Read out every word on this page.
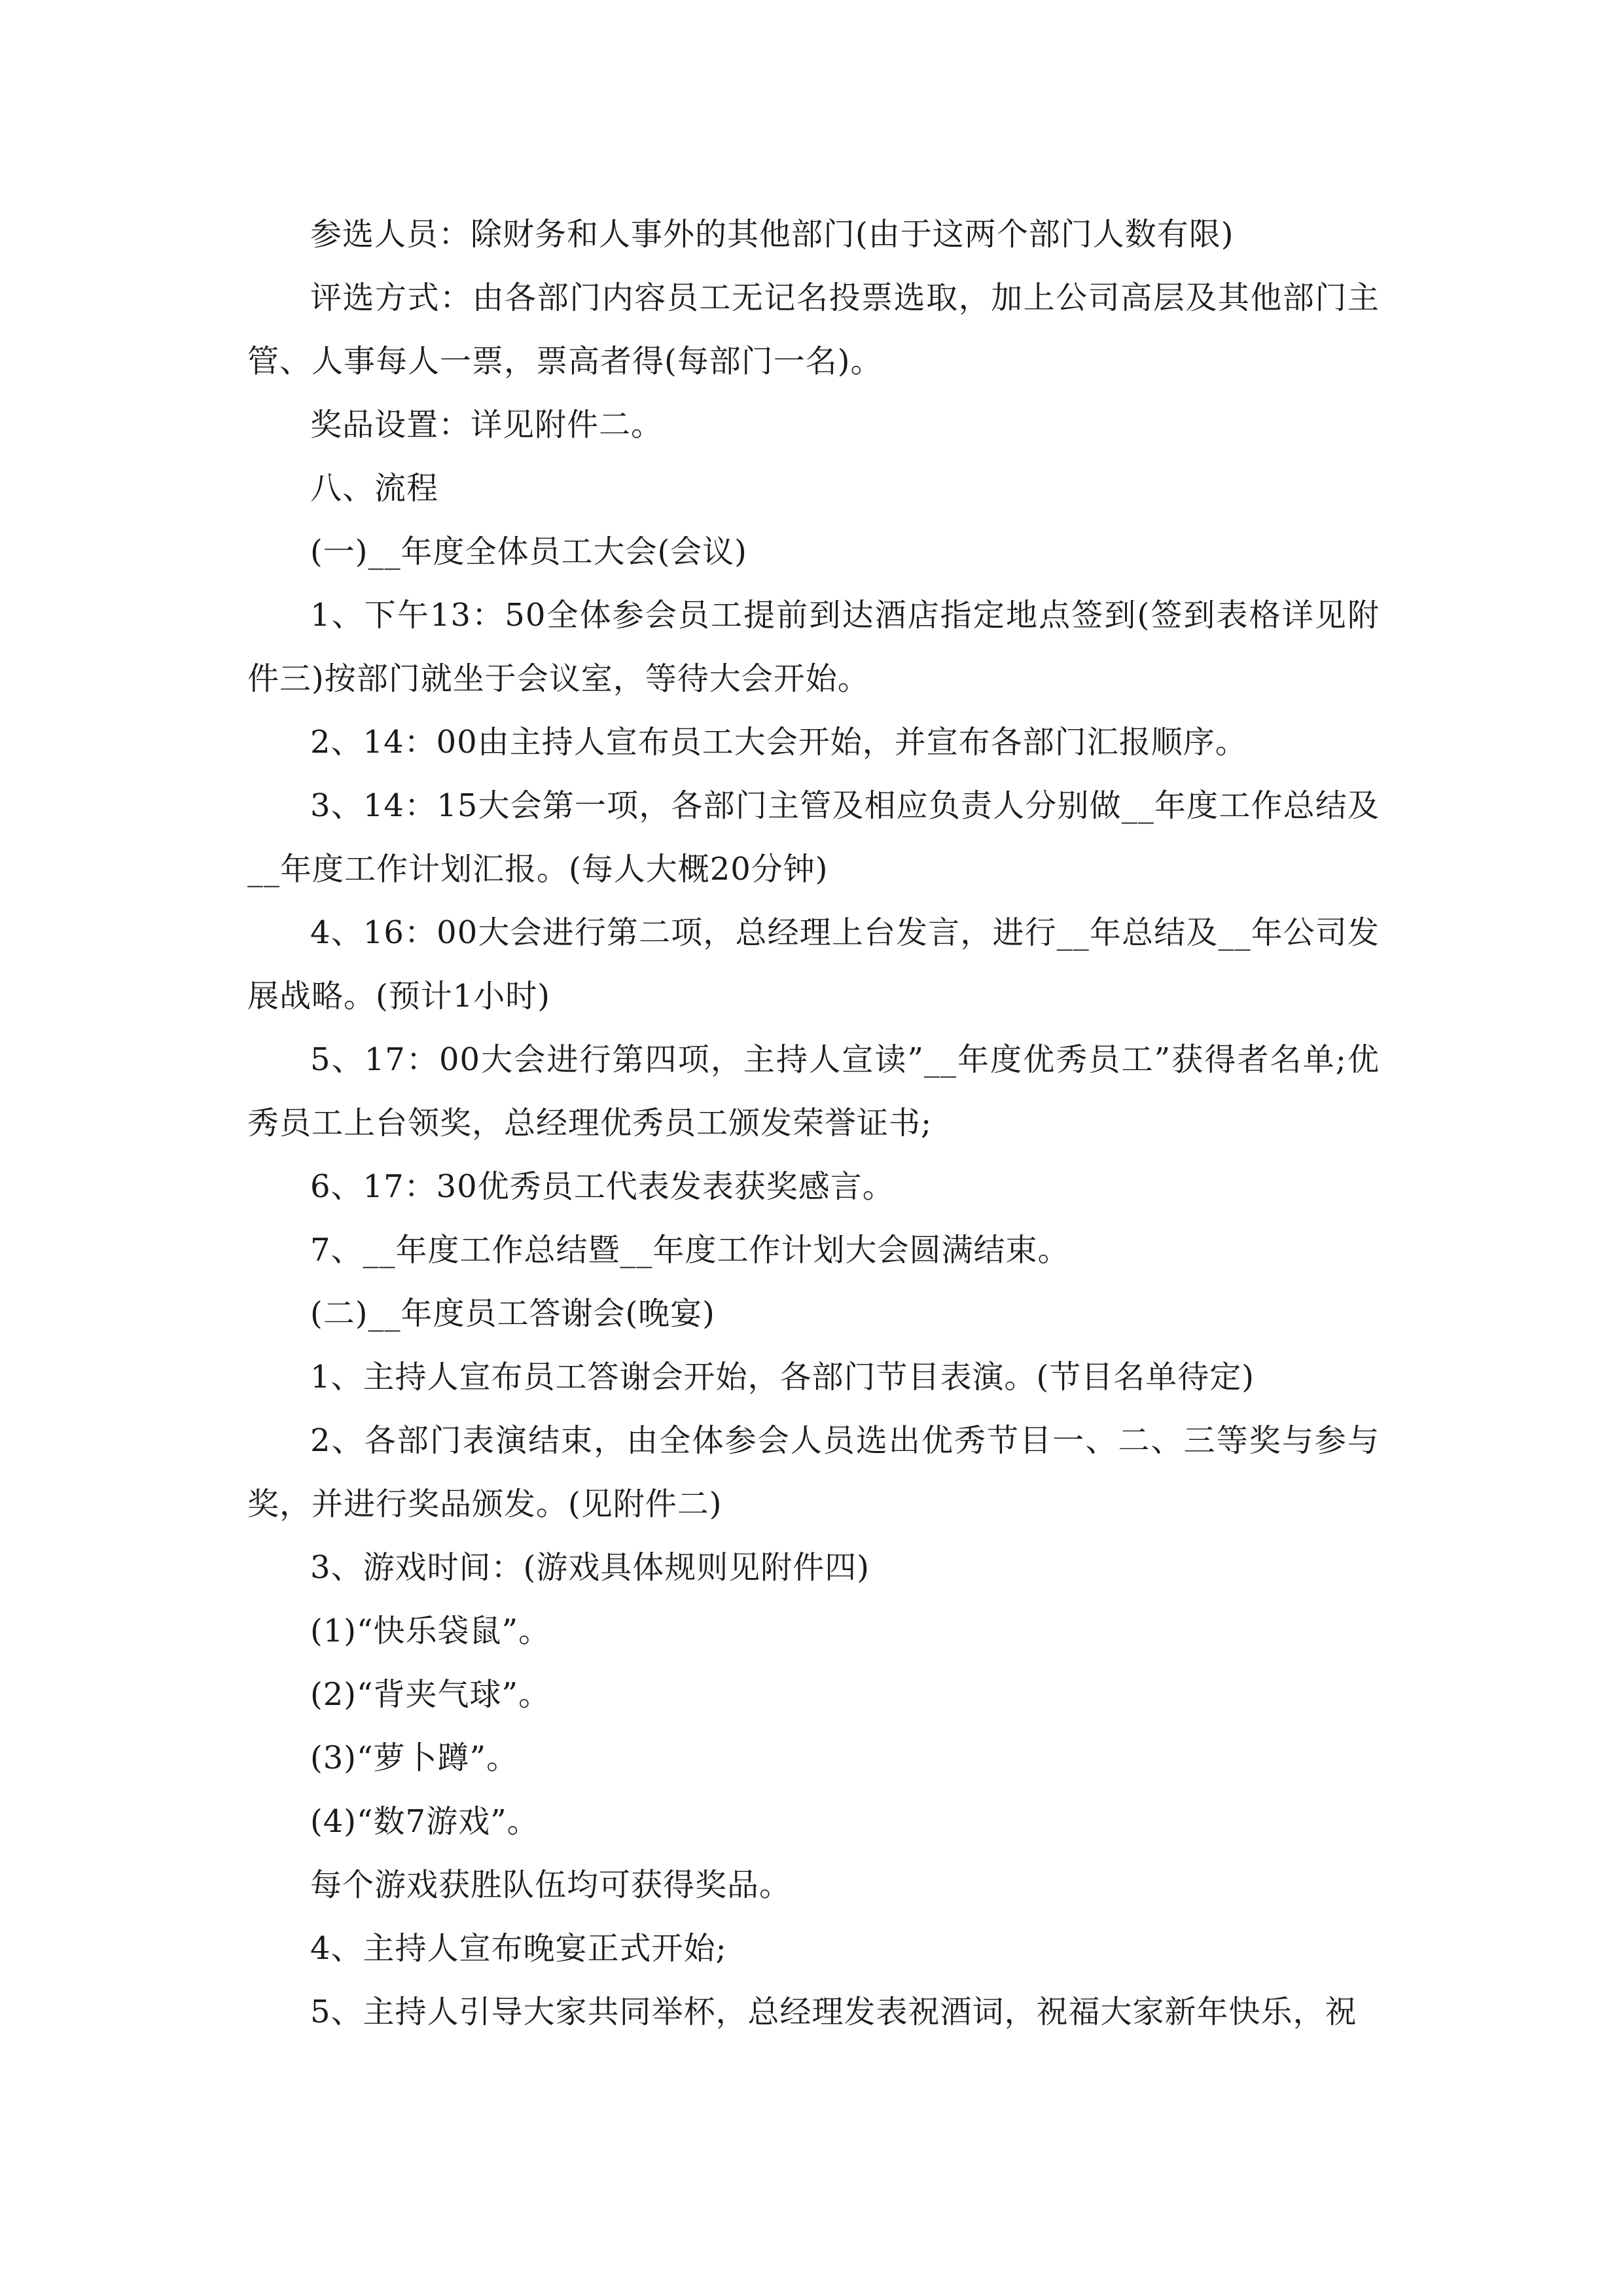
参选人员：除财务和人事外的其他部门(由于这两个部门人数有限)

评选方式：由各部门内容员工无记名投票选取，加上公司高层及其他部门主管、人事每人一票，票高者得(每部门一名)。

奖品设置：详见附件二。

八、流程

(一)__年度全体员工大会(会议)

1、下午13：50全体参会员工提前到达酒店指定地点签到(签到表格详见附件三)按部门就坐于会议室，等待大会开始。

2、14：00由主持人宣布员工大会开始，并宣布各部门汇报顺序。

3、14：15大会第一项，各部门主管及相应负责人分别做__年度工作总结及__年度工作计划汇报。(每人大概20分钟)

4、16：00大会进行第二项，总经理上台发言，进行__年总结及__年公司发展战略。(预计1小时)

5、17：00大会进行第四项，主持人宣读”__年度优秀员工”获得者名单;优秀员工上台领奖，总经理优秀员工颁发荣誉证书;

6、17：30优秀员工代表发表获奖感言。

7、__年度工作总结暨__年度工作计划大会圆满结束。

(二)__年度员工答谢会(晚宴)

1、主持人宣布员工答谢会开始，各部门节目表演。(节目名单待定)

2、各部门表演结束，由全体参会人员选出优秀节目一、二、三等奖与参与奖，并进行奖品颁发。(见附件二)

3、游戏时间：(游戏具体规则见附件四)

(1)“快乐袋鼠”。

(2)“背夹气球”。

(3)“萝卜蹲”。

(4)“数7游戏”。

每个游戏获胜队伍均可获得奖品。

4、主持人宣布晚宴正式开始;

5、主持人引导大家共同举杯，总经理发表祝酒词，祝福大家新年快乐，祝
